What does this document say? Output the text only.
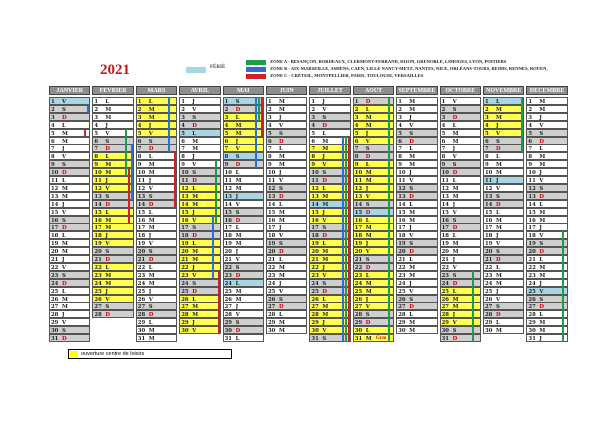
2021	FÉRIÉ
ZONE A - BESANÇON, BORDEAUX, CLERMONT-FERRAND, DIJON, GRENOBLE, LIMOGES, LYON, POITIERS
ZONE B - AIX-MARSEILLE, AMIENS, CAEN, LILLE NANCY-METZ, NANTES, NICE, ORLÉANS-TOURS, REIMS, RENNES, ROUEN,
ZONE C - CRÉTEIL, MONTPELLIER, PARIS, TOULOUSE, VERSAILLES
JANVIER
1	V
2	S
3	D
4	L
5	M
6	M
7	J
8	V
9	S
10 D
11 L
12 M
13 M
14 J
15 V
16 S
17 D
18 L
19 M
20 M
21 J
22 V
23 S
24 D
25 L
26 M
27 M
28 J
29 V
30 S
31 D
FÉVRIER
1	L
2	M
3	M
4	J
5	V
6	S
7	D
8	L
9	M
10 M
11 J
12 V
13 S
14 D
15 L
16 M
17 M
18 J
19 V
20 S
21 D
22 L
23 M
24 M
25 J
26 V
27 S
28 D
MARS
1	L
2	M
3	M
4	J
5	V
6	S
7	D
8	L
9	M
10 M
11 J
12 V
13 S
14 D
15 L
16 M
17 M
18 J
19 V
20 S
21 D
22 L
23 M
24 M
25 J
26 V
27 S
28 D
29 L
30 M
31 M
AVRIL
1	J
2	V
3	S
4	D
5	L
6	M
7	M
8	J
9	V
10 S
11 D
12 L
13 M
14 M
15 J
16 V
17 S
18 D
19 L
20 M
21 M
22 J
23 V
24 S
25 D
26 L
27 M
28 M
29 J
30 V
MAI
1	S
2	D
3	L
4	M
5	M
6	J
7	V
8	S
9	D
10 L
11 M
12 M
13 J
14 V
15 S
16 D
17 L
18 M
19 M
20 J
21 V
22 S
23 D
24 L
25 M
26 M
27 J
28 V
29 S
30 D
31 L
JUIN
1	M
2	M
3	J
4	V
5	S
6	D
7	L
8	M
9	M
10 J
11 V
12 S
13 D
14 L
15 M
16 M
17 J
18 V
19 S
20 D
21 L
22 M
23 M
24 J
25 V
26 S
27 D
28 L
29 M
30 M
JUILLET
1	J
2	V
3	S
4	D
5	L
6	M
7	M
8	J
9	V
10 S
11 D
12 L
13 M
14 M
15 J
16 V
17 S
18 D
19 L
20 M
21 M
22 J
23 V
24 S
25 D
26 L
27 M
28 M
29 J
30 V
31 S
AOÛT
1	D
2	L
3	M
4	M
5	J
6	V
7	S
8	D
9	L
10 M
11 M
12 J
13 V
14 S
15 D
16 L
17 M
18 M
19 J
20 V
21 S
22 D
23 L
24 M
25 M
26 J
27 V
28 S
29 D
30 L
31 M Gym
SEPTEMBRE
1	M
2	M
3	J
4	V
5	S
6	D
7	L
8	M
9	M
10 J
11 V
12 S
13 D
14 L
15 M
16 M
17 J
18 V
19 S
20 D
21 L
22 M
23 M
24 J
25 V
26 S
27 D
28 L
29 M
30 M
OCTOBRE
1	V
2	S
3	D
4	L
5	M
6	M
7	J
8	V
9	S
10 D
11 L
12 M
13 M
14 J
15 V
16 S
17 D
18 L
19 M
20 M
21 J
22 V
23 S
24 D
25 L
26 M
27 M
28 J
29 V
30 S
31 D
NOVEMBRE
1	L
2	M
3	M
4	J
5	V
6	S
7	D
8	L
9	M
10 M
11 J
12 V
13 S
14 D
15 L
16 M
17 M
18 J
19 V
20 S
21 D
22 L
23 M
24 M
25 J
26 V
27 S
28 D
29 L
30 M
DÉCEMBRE
1	M
2	M
3	J
4	V
5	S
6	D
7	L
8	M
9	M
10 J
11 V
12 S
13 D
14 L
15 M
16 M
17 J
18 V
19 S
20 D
21 L
22 M
23 M
24 J
25 V
26 S
27 D
28 L
29 M
30 M
31 J
ouverture centre de loisirs
